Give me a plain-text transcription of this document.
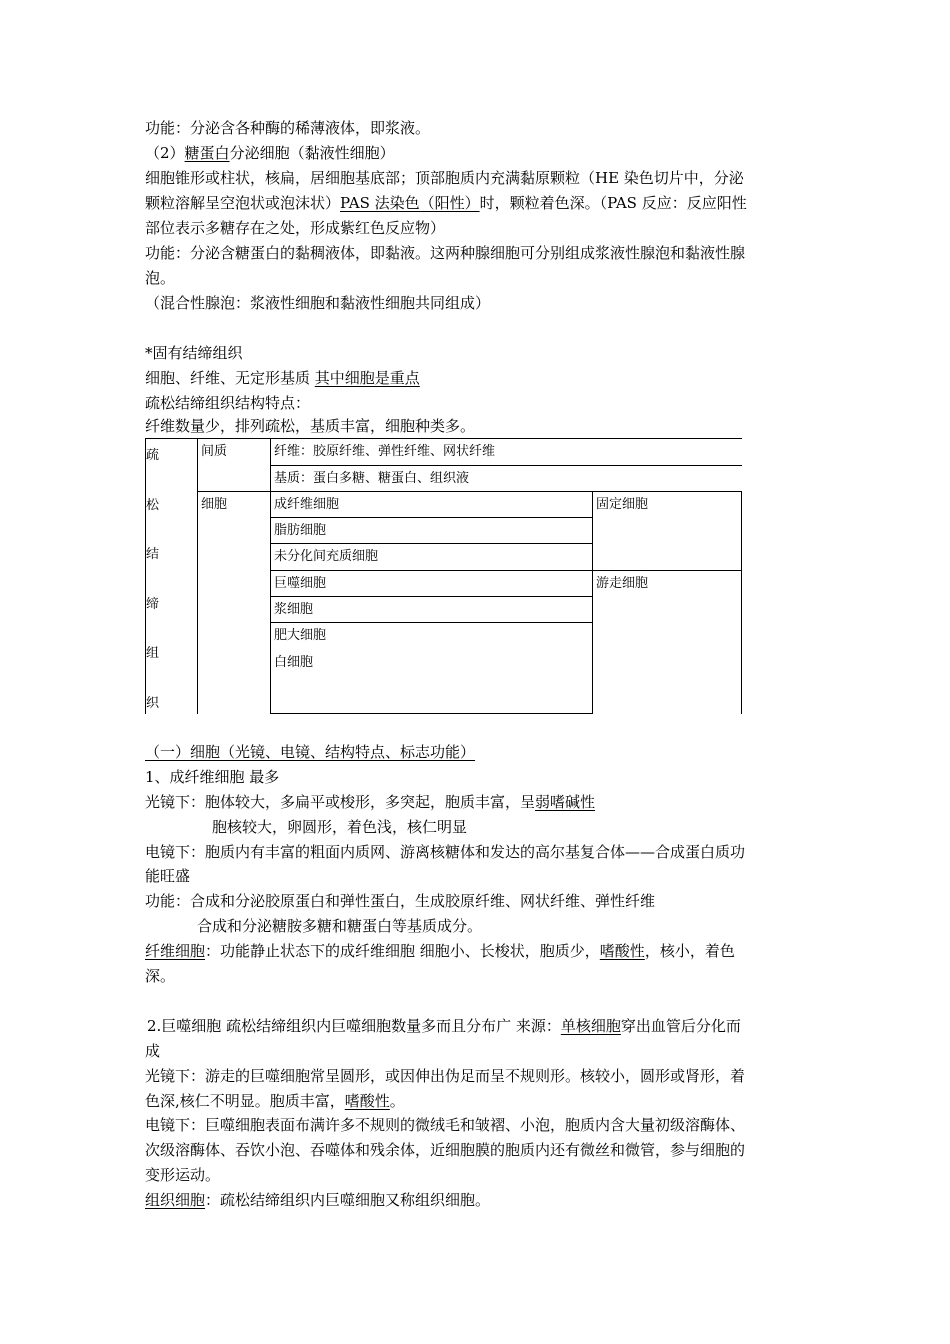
功能：分泌含各种酶的稀薄液体，即浆液。
（2）糖蛋白分泌细胞（黏液性细胞）
细胞锥形或柱状，核扁，居细胞基底部；顶部胞质内充满黏原颗粒（HE 染色切片中，分泌
颗粒溶解呈空泡状或泡沫状）PAS 法染色（阳性）时，颗粒着色深。（PAS 反应：反应阳性
部位表示多糖存在之处，形成紫红色反应物）
功能：分泌含糖蛋白的黏稠液体，即黏液。这两种腺细胞可分别组成浆液性腺泡和黏液性腺
泡。
（混合性腺泡：浆液性细胞和黏液性细胞共同组成）
*固有结缔组织
细胞、纤维、无定形基质 其中细胞是重点
疏松结缔组织结构特点：
纤维数量少，排列疏松，基质丰富，细胞种类多。
疏
松
结
缔
组
织
间质	纤维：胶原纤维、弹性纤维、网状纤维
基质：蛋白多糖、糖蛋白、组织液
细胞	成纤维细胞
脂肪细胞
未分化间充质细胞
巨噬细胞
浆细胞
肥大细胞
白细胞
固定细胞
游走细胞
（一）细胞（光镜、电镜、结构特点、标志功能）
1、成纤维细胞 最多
光镜下：胞体较大，多扁平或梭形，多突起，胞质丰富，呈弱嗜碱性
胞核较大，卵圆形，着色浅，核仁明显
电镜下：胞质内有丰富的粗面内质网、游离核糖体和发达的高尔基复合体——合成蛋白质功
能旺盛
功能：合成和分泌胶原蛋白和弹性蛋白，生成胶原纤维、网状纤维、弹性纤维
合成和分泌糖胺多糖和糖蛋白等基质成分。
纤维细胞：功能静止状态下的成纤维细胞 细胞小、长梭状，胞质少，嗜酸性，核小，着色
深。
2.巨噬细胞 疏松结缔组织内巨噬细胞数量多而且分布广 来源：单核细胞穿出血管后分化而
成
光镜下：游走的巨噬细胞常呈圆形，或因伸出伪足而呈不规则形。核较小，圆形或肾形，着
色深,核仁不明显。胞质丰富，嗜酸性。
电镜下：巨噬细胞表面布满许多不规则的微绒毛和皱褶、小泡，胞质内含大量初级溶酶体、
次级溶酶体、吞饮小泡、吞噬体和残余体，近细胞膜的胞质内还有微丝和微管，参与细胞的
变形运动。
组织细胞：疏松结缔组织内巨噬细胞又称组织细胞。
